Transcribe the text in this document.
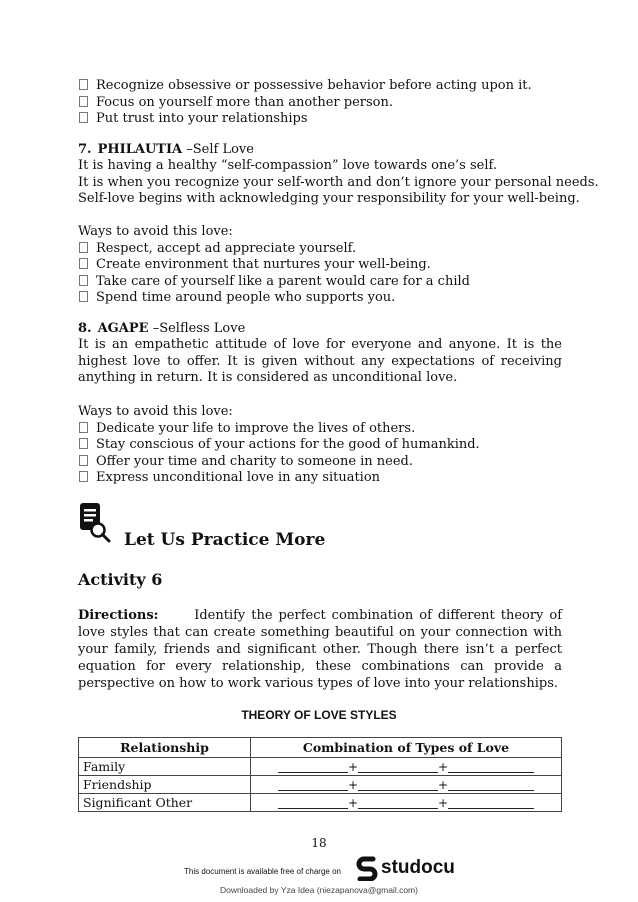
Recognize obsessive or possessive behavior before acting upon it.
Focus on yourself more than another person.
Put trust into your relationships
7. PHILAUTIA –Self Love
It is having a healthy “self-compassion” love towards one’s self.
It is when you recognize your self-worth and don’t ignore your personal needs.
Self-love begins with acknowledging your responsibility for your well-being.
Ways to avoid this love:
Respect, accept ad appreciate yourself.
Create environment that nurtures your well-being.
Take care of yourself like a parent would care for a child
Spend time around people who supports you.
8. AGAPE –Selfless Love
It is an empathetic attitude of love for everyone and anyone. It is the highest love to offer. It is given without any expectations of receiving anything in return. It is considered as unconditional love.
Ways to avoid this love:
Dedicate your life to improve the lives of others.
Stay conscious of your actions for the good of humankind.
Offer your time and charity to someone in need.
Express unconditional love in any situation
Let Us Practice More
Activity 6
Directions:	Identify the perfect combination of different theory of love styles that can create something beautiful on your connection with your family, friends and significant other. Though there isn’t a perfect equation for every relationship, these combinations can provide a perspective on how to work various types of love into your relationships.
THEORY OF LOVE STYLES
Relationship	Combination of Types of Love
Family	+ +
Friendship	+ +
Significant Other	+ +
18
This document is available free of charge on studocu
Downloaded by Yza Idea (niezapanova@gmail.com)
